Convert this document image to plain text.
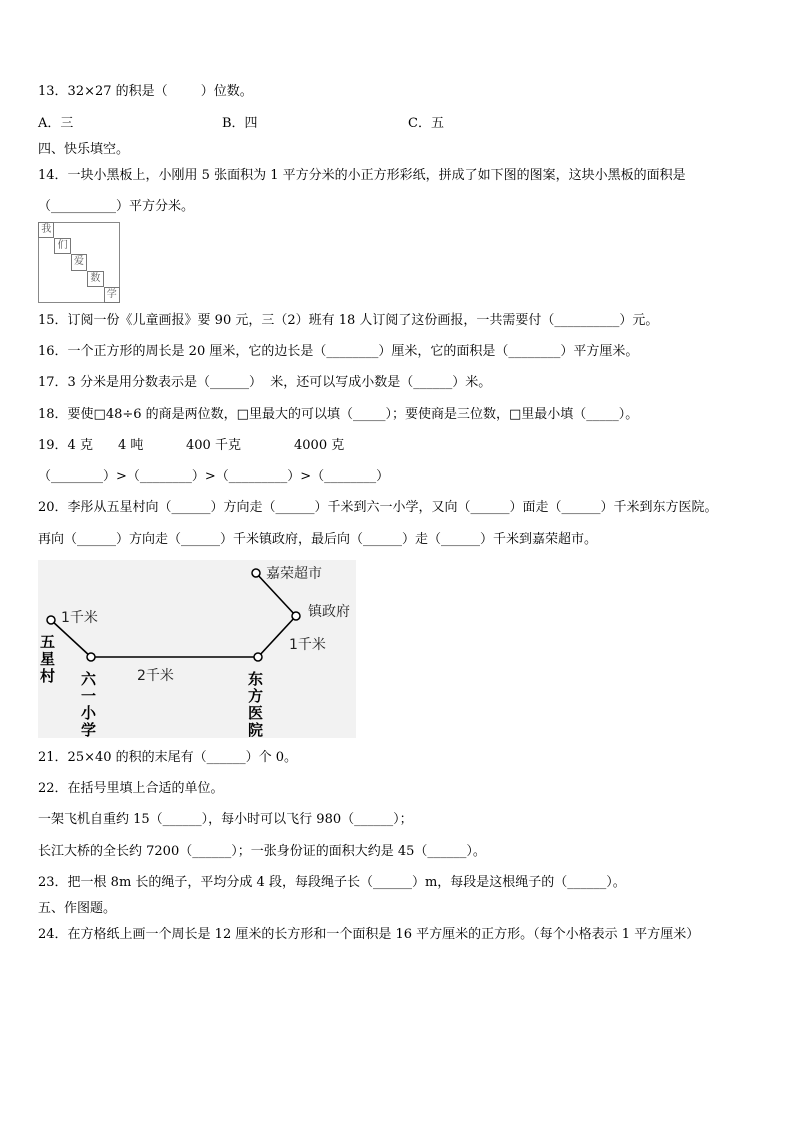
13．32×27 的积是（        ）位数。
A．三	B．四	C．五
四、快乐填空。
14．一块小黑板上，小刚用 5 张面积为 1 平方分米的小正方形彩纸，拼成了如下图的图案，这块小黑板的面积是
（__________）平方分米。
我
们
爱
数
学
15．订阅一份《儿童画报》要 90 元，三（2）班有 18 人订阅了这份画报，一共需要付（__________）元。
16．一个正方形的周长是 20 厘米，它的边长是（________）厘米，它的面积是（________）平方厘米。
17．3 分米是用分数表示是（______）  米，还可以写成小数是（______）米。
18．要使□48÷6 的商是两位数，□里最大的可以填（_____）；要使商是三位数，□里最小填（_____）。
19．4 克 4 吨	400 千克	4000 克
（________）>（________）>（_________）>（________）
20．李彤从五星村向（______）方向走（______）千米到六一小学，又向（______）面走（______）千米到东方医院。
再向（______）方向走（______）千米镇政府，最后向（______）走（______）千米到嘉荣超市。
嘉荣超市
镇政府
1千米
1千米
2千米
五
星
村 六
一
小
学
东
方
医
院
21．25×40 的积的末尾有（______）个 0。
22．在括号里填上合适的单位。
一架飞机自重约 15（______），每小时可以飞行 980（______）；
长江大桥的全长约 7200（______）；一张身份证的面积大约是 45（______）。
23．把一根 8m 长的绳子，平均分成 4 段，每段绳子长（______）m，每段是这根绳子的（______）。
五、作图题。
24．在方格纸上画一个周长是 12 厘米的长方形和一个面积是 16 平方厘米的正方形。（每个小格表示 1 平方厘米）
